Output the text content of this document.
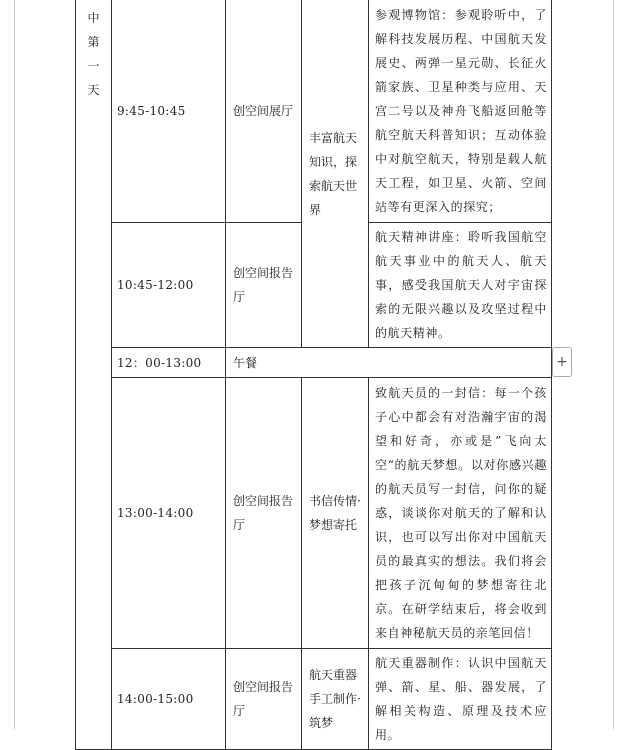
中第一天	9:45-10:45	创空间展厅	丰富航天知识，探索航天世界	参观博物馆：参观聆听中，了解科技发展历程、中国航天发展史、两弹一星元勋、长征火箭家族、卫星种类与应用、天宫二号以及神舟飞船返回舱等航空航天科普知识；互动体验中对航空航天，特别是载人航天工程，如卫星、火箭、空间站等有更深入的探究；
	10:45-12:00	创空间报告厅		航天精神讲座：聆听我国航空航天事业中的航天人、航天事，感受我国航天人对宇宙探索的无限兴趣以及攻坚过程中的航天精神。
	12：00-13:00	午餐		
	13:00-14:00	创空间报告厅	书信传情·梦想寄托	致航天员的一封信：每一个孩子心中都会有对浩瀚宇宙的渴望和好奇，亦或是”飞向太空“的航天梦想。以对你感兴趣的航天员写一封信，问你的疑惑，谈谈你对航天的了解和认识，也可以写出你对中国航天员的最真实的想法。我们将会把孩子沉甸甸的梦想寄往北京。在研学结束后，将会收到来自神秘航天员的亲笔回信！
	14:00-15:00	创空间报告厅	航天重器手工制作·筑梦	航天重器制作：认识中国航天弹、箭、星、船、器发展，了解相关构造、原理及技术应用。
+
